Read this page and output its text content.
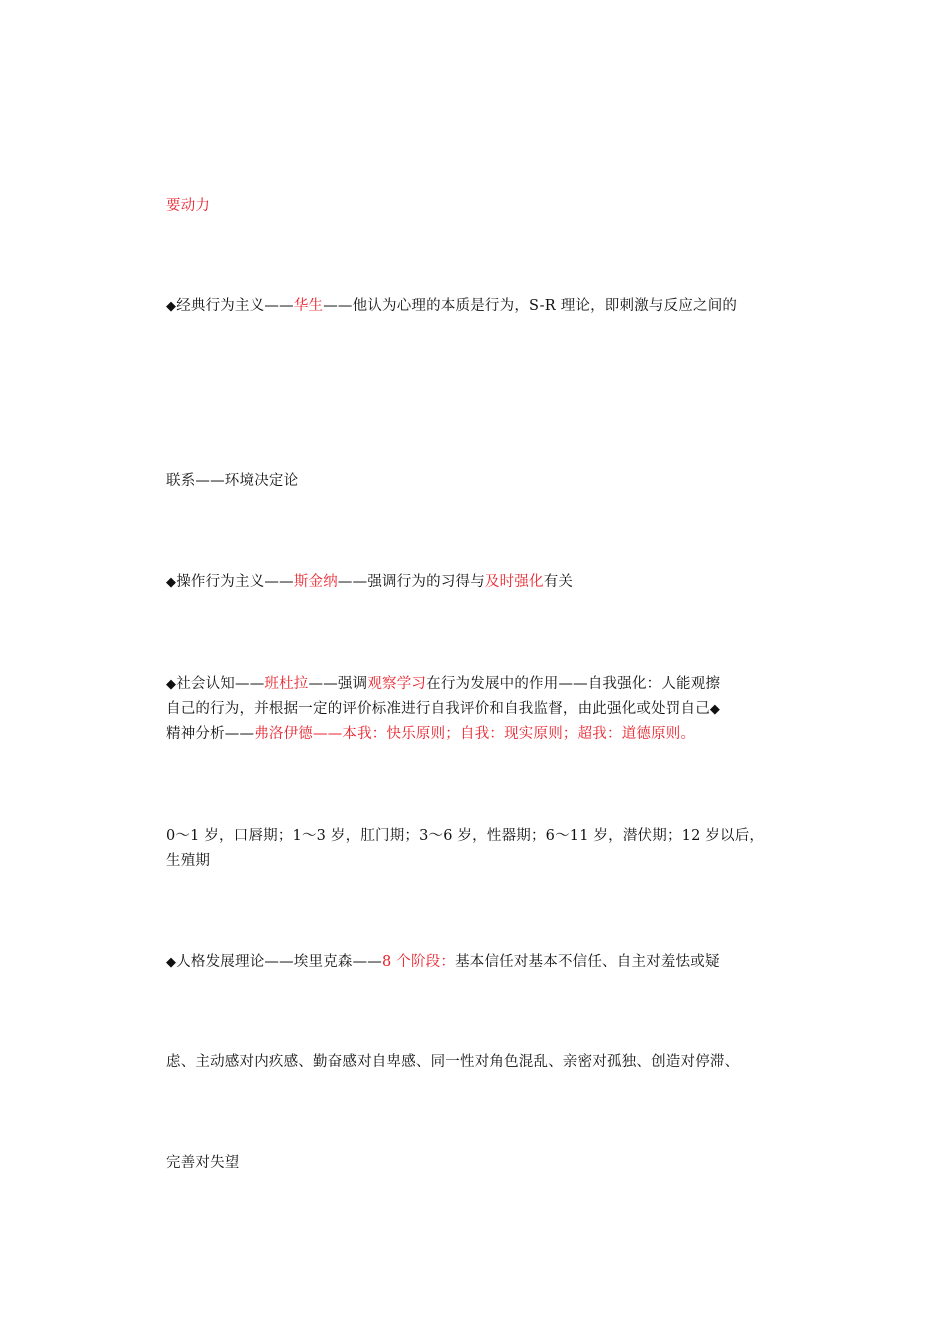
要动力
◆经典行为主义——华生——他认为心理的本质是行为，S-R 理论，即刺激与反应之间的
联系——环境决定论
◆操作行为主义——斯金纳——强调行为的习得与及时强化有关
◆社会认知——班杜拉——强调观察学习在行为发展中的作用——自我强化：人能观擦
自己的行为，并根据一定的评价标准进行自我评价和自我监督，由此强化或处罚自己◆
精神分析——弗洛伊德——本我：快乐原则；自我：现实原则；超我：道德原则。
0～1 岁，口唇期；1～3 岁，肛门期；3～6 岁，性器期；6～11 岁，潜伏期；12 岁以后，
生殖期
◆人格发展理论——埃里克森——8 个阶段：基本信任对基本不信任、自主对羞怯或疑
虑、主动感对内疚感、勤奋感对自卑感、同一性对角色混乱、亲密对孤独、创造对停滞、
完善对失望
